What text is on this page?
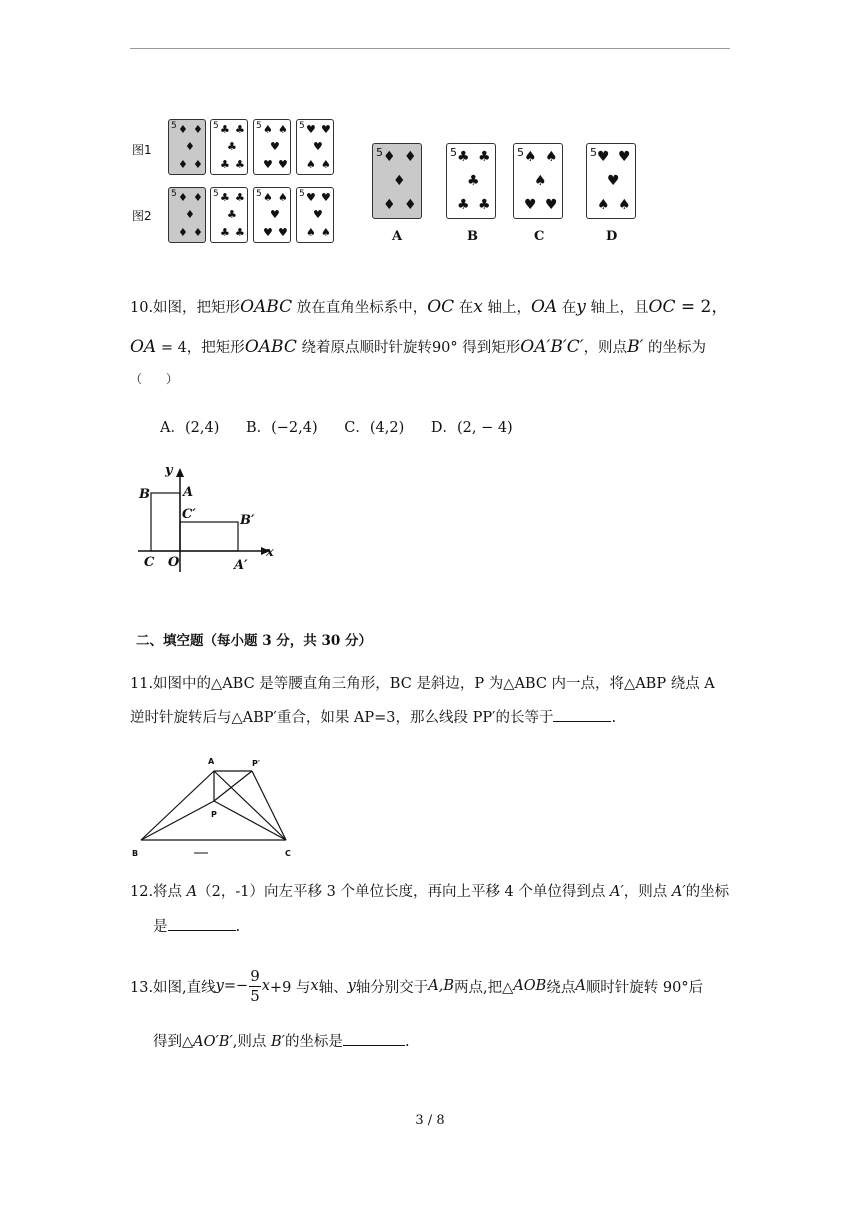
图1
图2
5 ♦ ♦
♦
♦ ♦
5 ♣ ♣
♣
♣ ♣
5 ♠ ♠
♥
♥ ♥
5 ♥ ♥
♥
♠ ♠
5 ♦ ♦
♦
♦ ♦
5 ♣ ♣
♣
♣ ♣
5 ♠ ♠
♥
♥ ♥
5 ♥ ♥
♥
♠ ♠
5 ♦ ♦
♦
♦ ♦
5 ♣ ♣
♣
♣ ♣
5 ♠ ♠
♠
♥ ♥
5 ♥ ♥
♥
♠ ♠
A	B	C	D
10.如图，把矩形OABC 放在直角坐标系中，OC 在x 轴上，OA 在y 轴上，且OC = 2，
OA = 4，把矩形OABC 绕着原点顺时针旋转90° 得到矩形OA′B′C′，则点B′ 的坐标为
（　　）
A．(2,4) B．(−2,4) C．(4,2) D．(2, − 4)
y
x
B	A
C′	B′
C O	A′
二、填空题（每小题 3 分，共 30 分）
11.如图中的△ABC 是等腰直角三角形，BC 是斜边，P 为△ABC 内一点，将△ABP 绕点 A
逆时针旋转后与△ABP′重合，如果 AP=3，那么线段 PP′的长等于	.
A	P′
P
B	C
12.将点 A（2，-1）向左平移 3 个单位长度，再向上平移 4 个单位得到点 A′，则点 A′的坐标
是	.
13.如图,直线 $y =- \frac{9}{5}$ x +9 与 x 轴、 y 轴分别交于 A,B 两点,把△ AOB 绕点 A 顺时针旋转 90°后
得到△AO′B′,则点 B′的坐标是	.
3 / 8
